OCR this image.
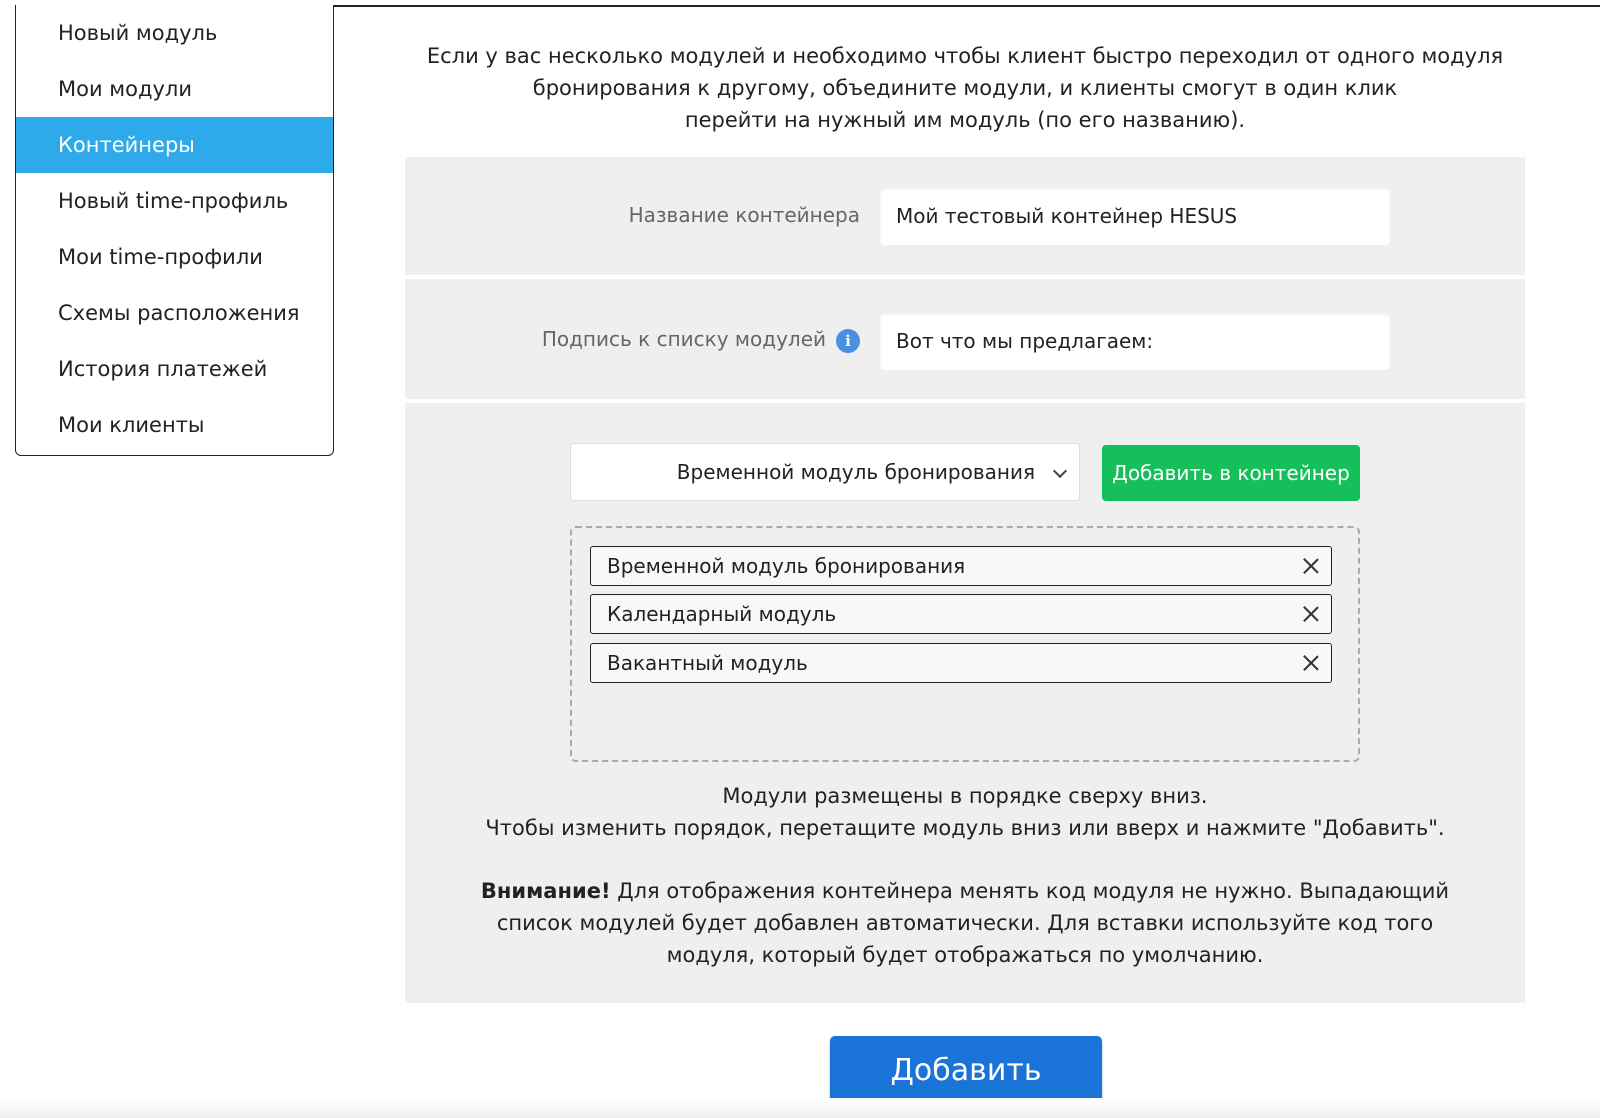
Новый модуль
Мои модули
Контейнеры
Новый time-профиль
Мои time-профили
Схемы расположения
История платежей
Мои клиенты
Если у вас несколько модулей и необходимо чтобы клиент быстро переходил от одного модуля
бронирования к другому, объедините модули, и клиенты смогут в один клик
перейти на нужный им модуль (по его названию).
Название контейнера
Мой тестовый контейнер HESUS
Подпись к списку модулей i
Вот что мы предлагаем:
Временной модуль бронирования	Добавить в контейнер
Временной модуль бронирования
Календарный модуль
Вакантный модуль
Модули размещены в порядке сверху вниз.
Чтобы изменить порядок, перетащите модуль вниз или вверх и нажмите "Добавить".
Внимание! Для отображения контейнера менять код модуля не нужно. Выпадающий список модулей будет добавлен автоматически. Для вставки используйте код того модуля, который будет отображаться по умолчанию.
Добавить
